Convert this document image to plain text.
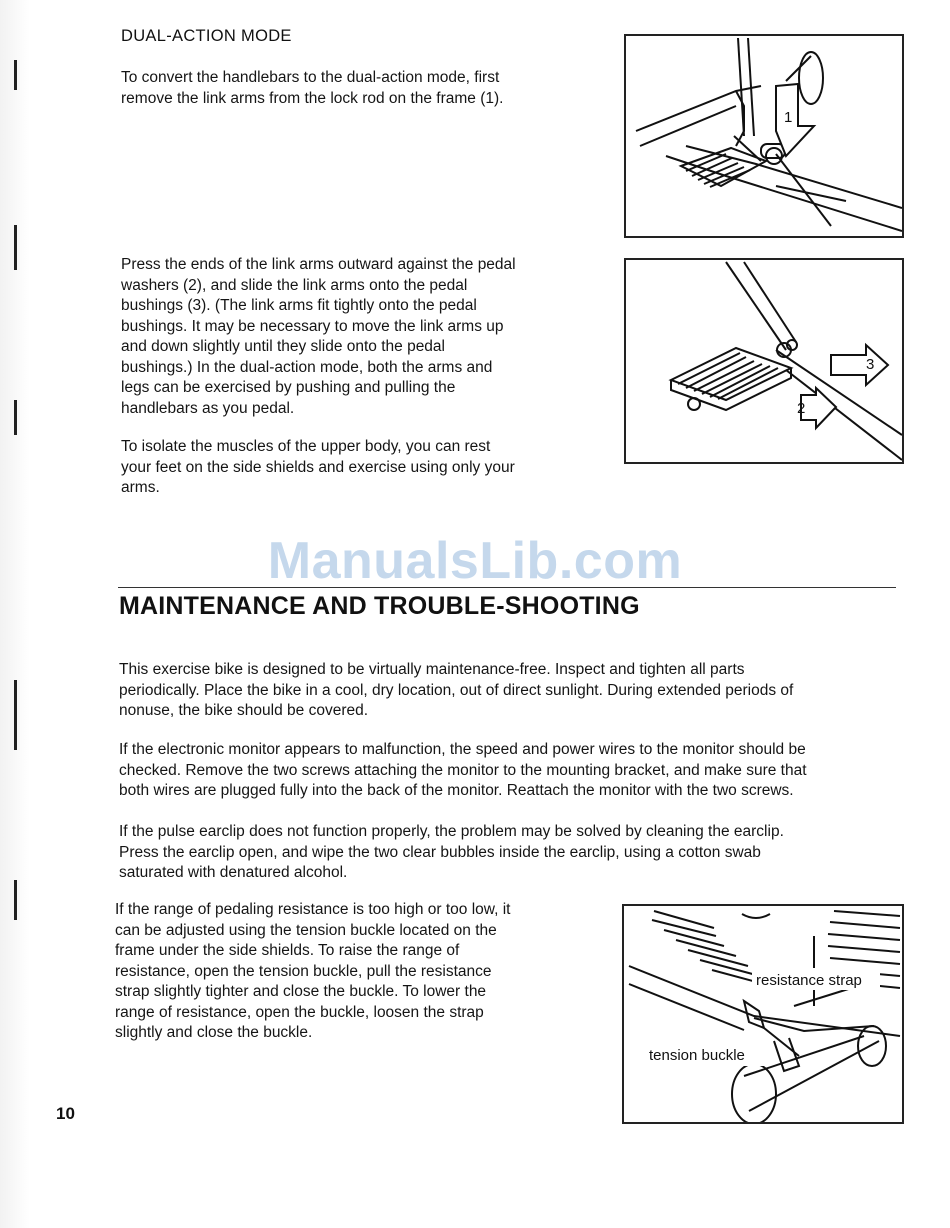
DUAL-ACTION MODE

To convert the handlebars to the dual-action mode, first
remove the link arms from the lock rod on the frame (1).

Press the ends of the link arms outward against the pedal
washers (2), and slide the link arms onto the pedal
bushings (3). (The link arms fit tightly onto the pedal
bushings. It may be necessary to move the link arms up
and down slightly until they slide onto the pedal
bushings.) In the dual-action mode, both the arms and
legs can be exercised by pushing and pulling the
handlebars as you pedal.

To isolate the muscles of the upper body, you can rest
your feet on the side shields and exercise using only your
arms.

1
3
2
ManualsLib.com
MAINTENANCE AND TROUBLE-SHOOTING

This exercise bike is designed to be virtually maintenance-free. Inspect and tighten all parts
periodically. Place the bike in a cool, dry location, out of direct sunlight. During extended periods of
nonuse, the bike should be covered.

If the electronic monitor appears to malfunction, the speed and power wires to the monitor should be
checked. Remove the two screws attaching the monitor to the mounting bracket, and make sure that
both wires are plugged fully into the back of the monitor. Reattach the monitor with the two screws.

If the pulse earclip does not function properly, the problem may be solved by cleaning the earclip.
Press the earclip open, and wipe the two clear bubbles inside the earclip, using a cotton swab
saturated with denatured alcohol.

If the range of pedaling resistance is too high or too low, it
can be adjusted using the tension buckle located on the
frame under the side shields. To raise the range of
resistance, open the tension buckle, pull the resistance
strap slightly tighter and close the buckle. To lower the
range of resistance, open the buckle, loosen the strap
slightly and close the buckle.

resistance strap
tension buckle

10
